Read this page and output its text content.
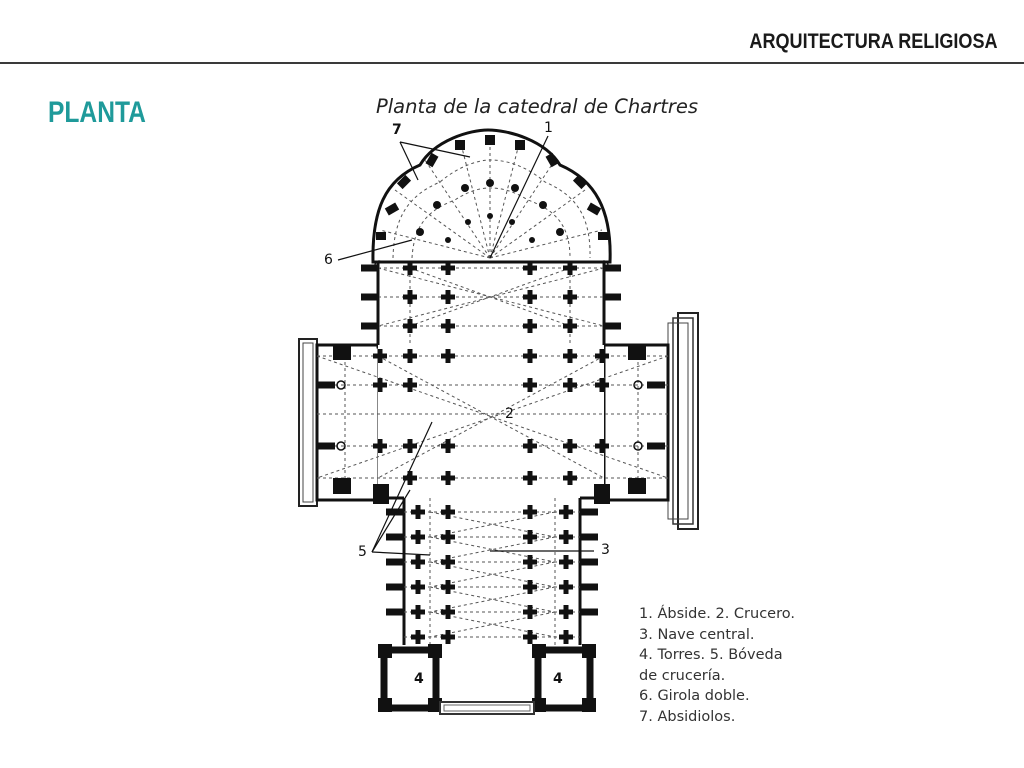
ARQUITECTURA RELIGIOSA
PLANTA	Planta de la catedral de Chartres
7	1
6
2
5	3
4	4
1. Ábside. 2. Crucero.
3. Nave central.
4. Torres. 5. Bóveda
de crucería.
6. Girola doble.
7. Absidiolos.
